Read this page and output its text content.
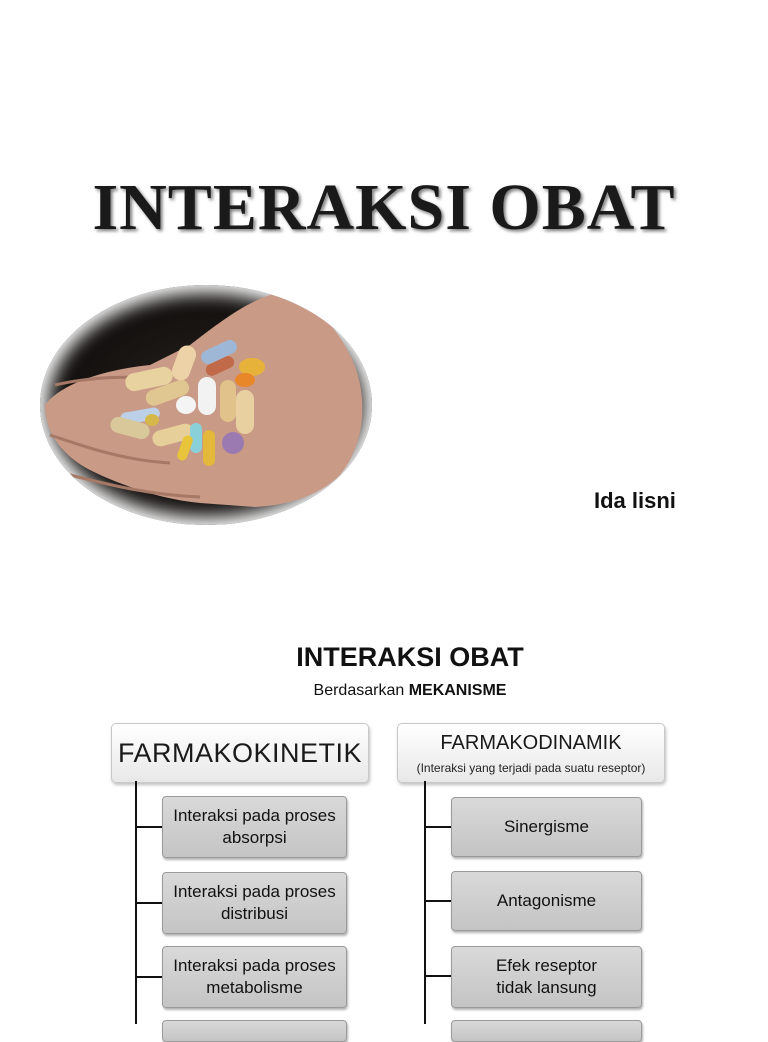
INTERAKSI OBAT
Ida lisni
INTERAKSI OBAT
Berdasarkan MEKANISME
FARMAKOKINETIK
Interaksi pada proses
absorpsi
Interaksi pada proses
distribusi
Interaksi pada proses
metabolisme
FARMAKODINAMIK
(Interaksi yang terjadi pada suatu reseptor)
Sinergisme
Antagonisme
Efek reseptor
tidak lansung
